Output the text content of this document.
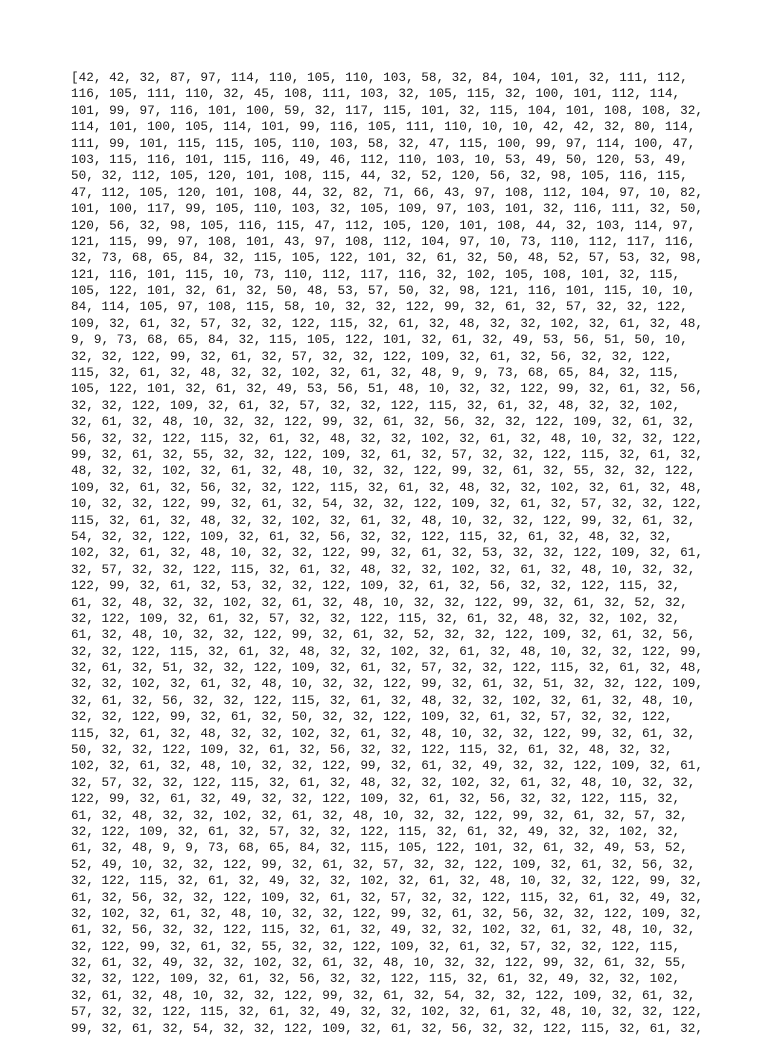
[42, 42, 32, 87, 97, 114, 110, 105, 110, 103, 58, 32, 84, 104, 101, 32, 111, 112,
116, 105, 111, 110, 32, 45, 108, 111, 103, 32, 105, 115, 32, 100, 101, 112, 114,
101, 99, 97, 116, 101, 100, 59, 32, 117, 115, 101, 32, 115, 104, 101, 108, 108, 32,
114, 101, 100, 105, 114, 101, 99, 116, 105, 111, 110, 10, 10, 42, 42, 32, 80, 114,
111, 99, 101, 115, 115, 105, 110, 103, 58, 32, 47, 115, 100, 99, 97, 114, 100, 47,
103, 115, 116, 101, 115, 116, 49, 46, 112, 110, 103, 10, 53, 49, 50, 120, 53, 49,
50, 32, 112, 105, 120, 101, 108, 115, 44, 32, 52, 120, 56, 32, 98, 105, 116, 115,
47, 112, 105, 120, 101, 108, 44, 32, 82, 71, 66, 43, 97, 108, 112, 104, 97, 10, 82,
101, 100, 117, 99, 105, 110, 103, 32, 105, 109, 97, 103, 101, 32, 116, 111, 32, 50,
120, 56, 32, 98, 105, 116, 115, 47, 112, 105, 120, 101, 108, 44, 32, 103, 114, 97,
121, 115, 99, 97, 108, 101, 43, 97, 108, 112, 104, 97, 10, 73, 110, 112, 117, 116,
32, 73, 68, 65, 84, 32, 115, 105, 122, 101, 32, 61, 32, 50, 48, 52, 57, 53, 32, 98,
121, 116, 101, 115, 10, 73, 110, 112, 117, 116, 32, 102, 105, 108, 101, 32, 115,
105, 122, 101, 32, 61, 32, 50, 48, 53, 57, 50, 32, 98, 121, 116, 101, 115, 10, 10,
84, 114, 105, 97, 108, 115, 58, 10, 32, 32, 122, 99, 32, 61, 32, 57, 32, 32, 122,
109, 32, 61, 32, 57, 32, 32, 122, 115, 32, 61, 32, 48, 32, 32, 102, 32, 61, 32, 48,
9, 9, 73, 68, 65, 84, 32, 115, 105, 122, 101, 32, 61, 32, 49, 53, 56, 51, 50, 10,
32, 32, 122, 99, 32, 61, 32, 57, 32, 32, 122, 109, 32, 61, 32, 56, 32, 32, 122,
115, 32, 61, 32, 48, 32, 32, 102, 32, 61, 32, 48, 9, 9, 73, 68, 65, 84, 32, 115,
105, 122, 101, 32, 61, 32, 49, 53, 56, 51, 48, 10, 32, 32, 122, 99, 32, 61, 32, 56,
32, 32, 122, 109, 32, 61, 32, 57, 32, 32, 122, 115, 32, 61, 32, 48, 32, 32, 102,
32, 61, 32, 48, 10, 32, 32, 122, 99, 32, 61, 32, 56, 32, 32, 122, 109, 32, 61, 32,
56, 32, 32, 122, 115, 32, 61, 32, 48, 32, 32, 102, 32, 61, 32, 48, 10, 32, 32, 122,
99, 32, 61, 32, 55, 32, 32, 122, 109, 32, 61, 32, 57, 32, 32, 122, 115, 32, 61, 32,
48, 32, 32, 102, 32, 61, 32, 48, 10, 32, 32, 122, 99, 32, 61, 32, 55, 32, 32, 122,
109, 32, 61, 32, 56, 32, 32, 122, 115, 32, 61, 32, 48, 32, 32, 102, 32, 61, 32, 48,
10, 32, 32, 122, 99, 32, 61, 32, 54, 32, 32, 122, 109, 32, 61, 32, 57, 32, 32, 122,
115, 32, 61, 32, 48, 32, 32, 102, 32, 61, 32, 48, 10, 32, 32, 122, 99, 32, 61, 32,
54, 32, 32, 122, 109, 32, 61, 32, 56, 32, 32, 122, 115, 32, 61, 32, 48, 32, 32,
102, 32, 61, 32, 48, 10, 32, 32, 122, 99, 32, 61, 32, 53, 32, 32, 122, 109, 32, 61,
32, 57, 32, 32, 122, 115, 32, 61, 32, 48, 32, 32, 102, 32, 61, 32, 48, 10, 32, 32,
122, 99, 32, 61, 32, 53, 32, 32, 122, 109, 32, 61, 32, 56, 32, 32, 122, 115, 32,
61, 32, 48, 32, 32, 102, 32, 61, 32, 48, 10, 32, 32, 122, 99, 32, 61, 32, 52, 32,
32, 122, 109, 32, 61, 32, 57, 32, 32, 122, 115, 32, 61, 32, 48, 32, 32, 102, 32,
61, 32, 48, 10, 32, 32, 122, 99, 32, 61, 32, 52, 32, 32, 122, 109, 32, 61, 32, 56,
32, 32, 122, 115, 32, 61, 32, 48, 32, 32, 102, 32, 61, 32, 48, 10, 32, 32, 122, 99,
32, 61, 32, 51, 32, 32, 122, 109, 32, 61, 32, 57, 32, 32, 122, 115, 32, 61, 32, 48,
32, 32, 102, 32, 61, 32, 48, 10, 32, 32, 122, 99, 32, 61, 32, 51, 32, 32, 122, 109,
32, 61, 32, 56, 32, 32, 122, 115, 32, 61, 32, 48, 32, 32, 102, 32, 61, 32, 48, 10,
32, 32, 122, 99, 32, 61, 32, 50, 32, 32, 122, 109, 32, 61, 32, 57, 32, 32, 122,
115, 32, 61, 32, 48, 32, 32, 102, 32, 61, 32, 48, 10, 32, 32, 122, 99, 32, 61, 32,
50, 32, 32, 122, 109, 32, 61, 32, 56, 32, 32, 122, 115, 32, 61, 32, 48, 32, 32,
102, 32, 61, 32, 48, 10, 32, 32, 122, 99, 32, 61, 32, 49, 32, 32, 122, 109, 32, 61,
32, 57, 32, 32, 122, 115, 32, 61, 32, 48, 32, 32, 102, 32, 61, 32, 48, 10, 32, 32,
122, 99, 32, 61, 32, 49, 32, 32, 122, 109, 32, 61, 32, 56, 32, 32, 122, 115, 32,
61, 32, 48, 32, 32, 102, 32, 61, 32, 48, 10, 32, 32, 122, 99, 32, 61, 32, 57, 32,
32, 122, 109, 32, 61, 32, 57, 32, 32, 122, 115, 32, 61, 32, 49, 32, 32, 102, 32,
61, 32, 48, 9, 9, 73, 68, 65, 84, 32, 115, 105, 122, 101, 32, 61, 32, 49, 53, 52,
52, 49, 10, 32, 32, 122, 99, 32, 61, 32, 57, 32, 32, 122, 109, 32, 61, 32, 56, 32,
32, 122, 115, 32, 61, 32, 49, 32, 32, 102, 32, 61, 32, 48, 10, 32, 32, 122, 99, 32,
61, 32, 56, 32, 32, 122, 109, 32, 61, 32, 57, 32, 32, 122, 115, 32, 61, 32, 49, 32,
32, 102, 32, 61, 32, 48, 10, 32, 32, 122, 99, 32, 61, 32, 56, 32, 32, 122, 109, 32,
61, 32, 56, 32, 32, 122, 115, 32, 61, 32, 49, 32, 32, 102, 32, 61, 32, 48, 10, 32,
32, 122, 99, 32, 61, 32, 55, 32, 32, 122, 109, 32, 61, 32, 57, 32, 32, 122, 115,
32, 61, 32, 49, 32, 32, 102, 32, 61, 32, 48, 10, 32, 32, 122, 99, 32, 61, 32, 55,
32, 32, 122, 109, 32, 61, 32, 56, 32, 32, 122, 115, 32, 61, 32, 49, 32, 32, 102,
32, 61, 32, 48, 10, 32, 32, 122, 99, 32, 61, 32, 54, 32, 32, 122, 109, 32, 61, 32,
57, 32, 32, 122, 115, 32, 61, 32, 49, 32, 32, 102, 32, 61, 32, 48, 10, 32, 32, 122,
99, 32, 61, 32, 54, 32, 32, 122, 109, 32, 61, 32, 56, 32, 32, 122, 115, 32, 61, 32,
